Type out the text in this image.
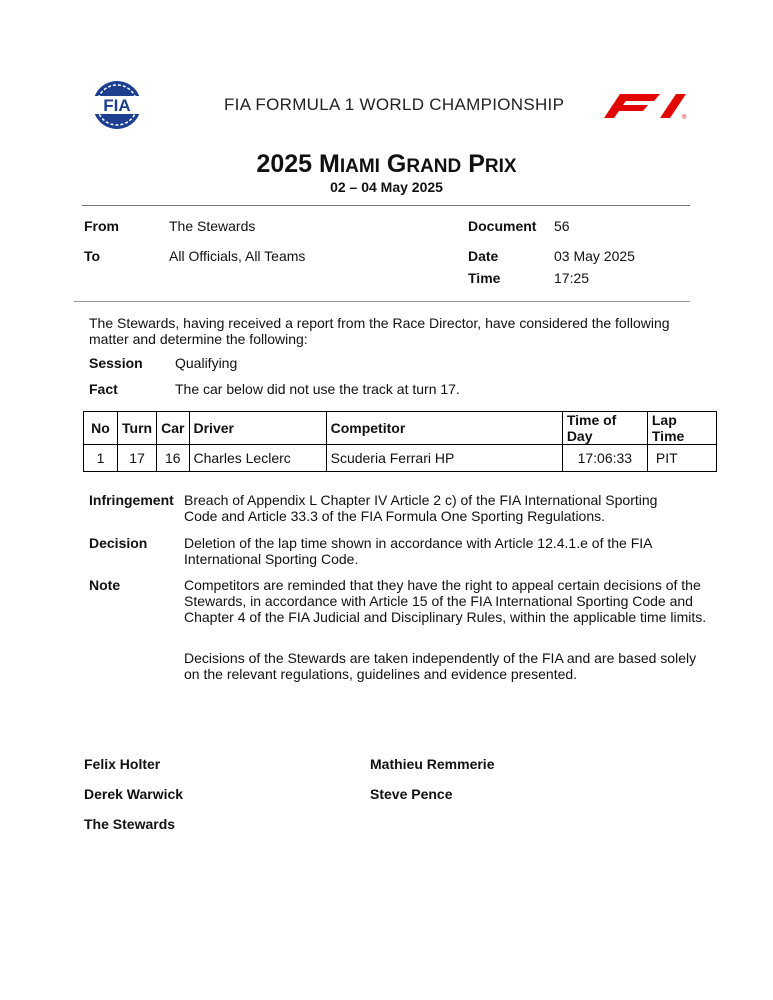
FIA	FIA FORMULA 1 WORLD CHAMPIONSHIP
®
2025 MIAMI GRAND PRIX
02 – 04 May 2025
From	The Stewards	Document 56
To	All Officials, All Teams	Date	03 May 2025
Time	17:25
The Stewards, having received a report from the Race Director, have considered the following matter and determine the following:
Session Qualifying
Fact	The car below did not use the track at turn 17.
No	Turn	Car	Driver	Competitor	Time of Day	Lap Time
1	17	16	Charles Leclerc	Scuderia Ferrari HP	17:06:33	PIT
Infringement Breach of Appendix L Chapter IV Article 2 c) of the FIA International Sporting
Code and Article 33.3 of the FIA Formula One Sporting Regulations.
Decision	Deletion of the lap time shown in accordance with Article 12.4.1.e of the FIA
International Sporting Code.
Note	Competitors are reminded that they have the right to appeal certain decisions of the
Stewards, in accordance with Article 15 of the FIA International Sporting Code and
Chapter 4 of the FIA Judicial and Disciplinary Rules, within the applicable time limits.
Decisions of the Stewards are taken independently of the FIA and are based solely
on the relevant regulations, guidelines and evidence presented.
Felix Holter	Mathieu Remmerie
Derek Warwick	Steve Pence
The Stewards
